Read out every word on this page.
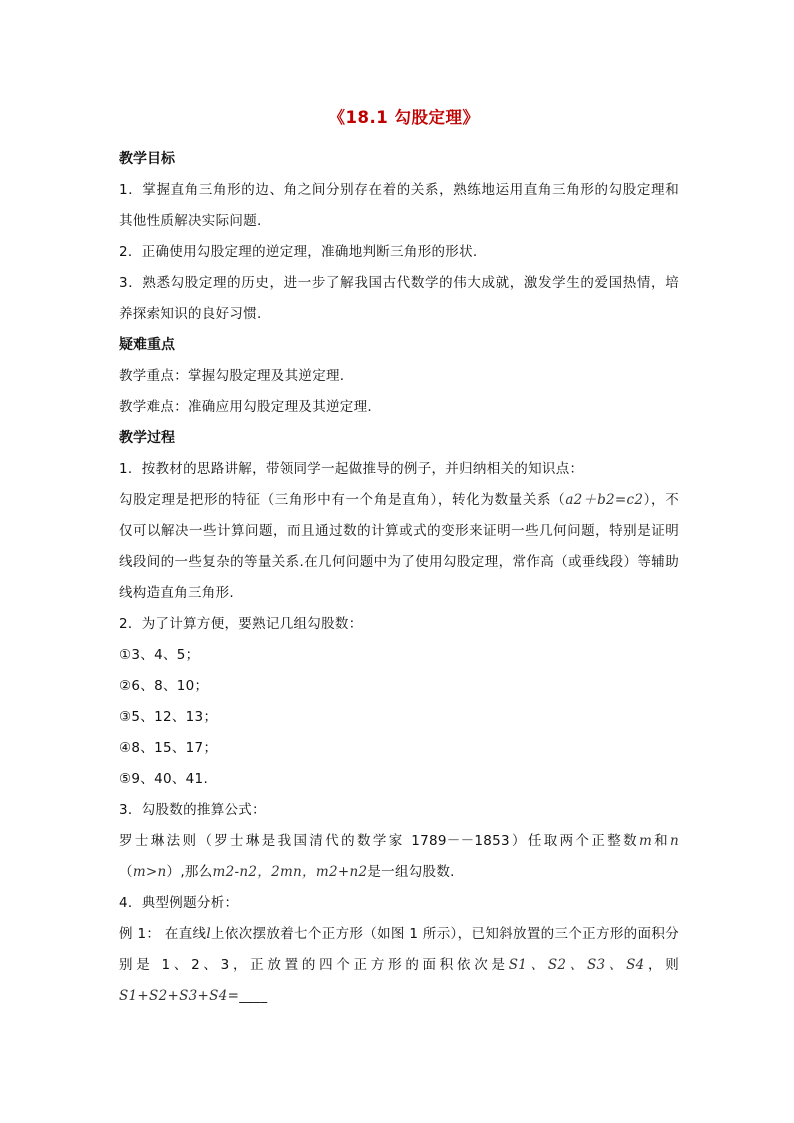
《18.1 勾股定理》

教学目标

1．掌握直角三角形的边、角之间分别存在着的关系，熟练地运用直角三角形的勾股定理和其他性质解决实际问题.

2．正确使用勾股定理的逆定理，准确地判断三角形的形状.

3．熟悉勾股定理的历史，进一步了解我国古代数学的伟大成就，激发学生的爱国热情，培养探索知识的良好习惯.

疑难重点

教学重点：掌握勾股定理及其逆定理.

教学难点：准确应用勾股定理及其逆定理.

教学过程

1．按教材的思路讲解，带领同学一起做推导的例子，并归纳相关的知识点：

勾股定理是把形的特征（三角形中有一个角是直角），转化为数量关系（a2＋b2=c2），不仅可以解决一些计算问题，而且通过数的计算或式的变形来证明一些几何问题，特别是证明线段间的一些复杂的等量关系.在几何问题中为了使用勾股定理，常作高（或垂线段）等辅助线构造直角三角形.

2．为了计算方便，要熟记几组勾股数：

①3、4、5；

②6、8、10；

③5、12、13；

④8、15、17；

⑤9、40、41.

3．勾股数的推算公式：

罗士琳法则（罗士琳是我国清代的数学家 1789－－1853）任取两个正整数m和n（m>n）,那么m2-n2，2mn，m2+n2是一组勾股数.

4．典型例题分析：

例 1： 在直线l上依次摆放着七个正方形（如图 1 所示），已知斜放置的三个正方形的面积分别是 1、2、3，正放置的四个正方形的面积依次是S1、S2、S3、S4，则S1+S2+S3+S4=____
